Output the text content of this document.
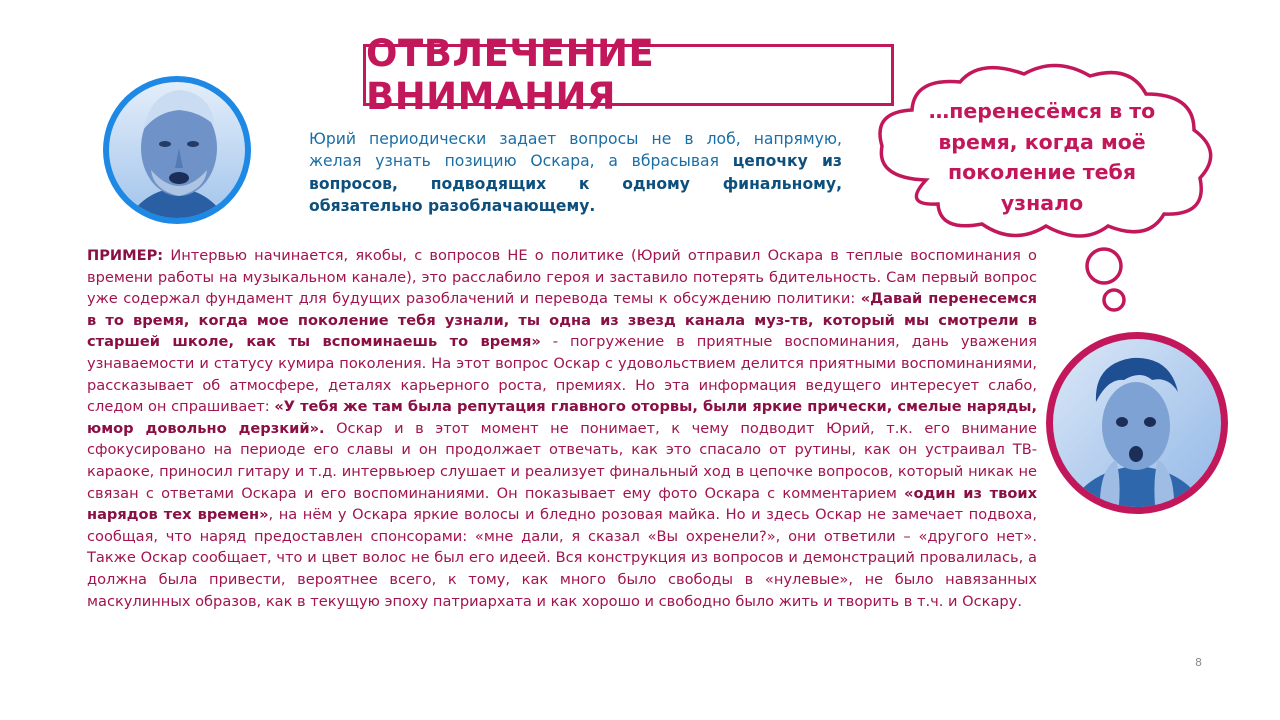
ОТВЛЕЧЕНИЕ ВНИМАНИЯ
Юрий периодически задает вопросы не в лоб, напрямую, желая узнать позицию Оскара, а вбрасывая цепочку из вопросов, подводящих к одному финальному, обязательно разоблачающему.
…перенесёмся в то время, когда моё поколение тебя узнало
ПРИМЕР: Интервью начинается, якобы, с вопросов НЕ о политике (Юрий отправил Оскара в теплые воспоминания о времени работы на музыкальном канале), это расслабило героя и заставило потерять бдительность. Сам первый вопрос уже содержал фундамент для будущих разоблачений и перевода темы к обсуждению политики: «Давай перенесемся в то время, когда мое поколение тебя узнали, ты одна из звезд канала муз-тв, который мы смотрели в старшей школе, как ты вспоминаешь то время» - погружение в приятные воспоминания, дань уважения узнаваемости и статусу кумира поколения. На этот вопрос Оскар с удовольствием делится приятными воспоминаниями, рассказывает об атмосфере, деталях карьерного роста, премиях. Но эта информация ведущего интересует слабо, следом он спрашивает: «У тебя же там была репутация главного оторвы, были яркие прически, смелые наряды, юмор довольно дерзкий». Оскар и в этот момент не понимает, к чему подводит Юрий, т.к. его внимание сфокусировано на периоде его славы и он продолжает отвечать, как это спасало от рутины, как он устраивал ТВ-караоке, приносил гитару и т.д. интервьюер слушает и реализует финальный ход в цепочке вопросов, который никак не связан с ответами Оскара и его воспоминаниями. Он показывает ему фото Оскара с комментарием «один из твоих нарядов тех времен», на нём у Оскара яркие волосы и бледно розовая майка. Но и здесь Оскар не замечает подвоха, сообщая, что наряд предоставлен спонсорами: «мне дали, я сказал «Вы охренели?», они ответили – «другого нет». Также Оскар сообщает, что и цвет волос не был его идеей. Вся конструкция из вопросов и демонстраций провалилась, а должна была привести, вероятнее всего, к тому, как много было свободы в «нулевые», не было навязанных маскулинных образов, как в текущую эпоху патриархата и как хорошо и свободно было жить и творить в т.ч. и Оскару.
8
